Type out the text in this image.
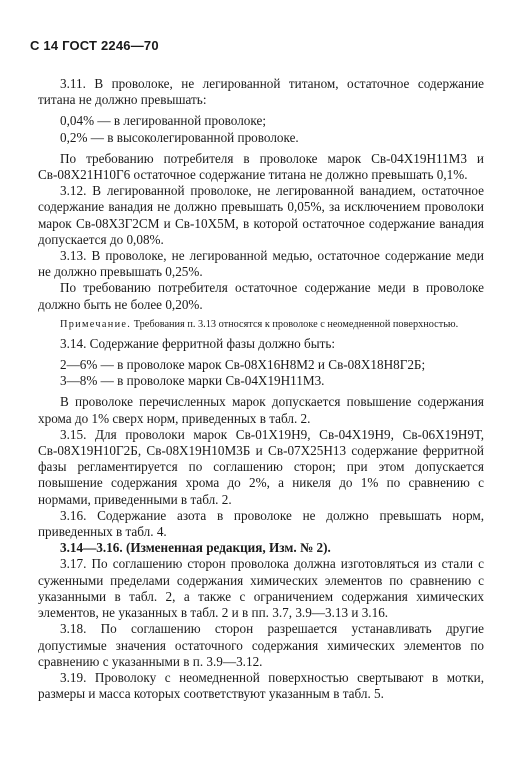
С 14 ГОСТ 2246—70

3.11. В проволоке, не легированной титаном, остаточное содержание титана не должно превышать:

0,04% — в легированной проволоке;

0,2% — в высоколегированной проволоке.

По требованию потребителя в проволоке марок Св-04Х19Н11М3 и Св-08Х21Н10Г6 остаточное содержание титана не должно превышать 0,1%.

3.12. В легированной проволоке, не легированной ванадием, остаточное содержание ванадия не должно превышать 0,05%, за исключением проволоки марок Св-08Х3Г2СМ и Св-10Х5М, в которой остаточное содержание ванадия допускается до 0,08%.

3.13. В проволоке, не легированной медью, остаточное содержание меди не должно превышать 0,25%.

По требованию потребителя остаточное содержание меди в проволоке должно быть не более 0,20%.

Примечание. Требования п. 3.13 относятся к проволоке с неомедненной поверхностью.

3.14. Содержание ферритной фазы должно быть:

2—6% — в проволоке марок Св-08Х16Н8М2 и Св-08Х18Н8Г2Б;

3—8% — в проволоке марки Св-04Х19Н11М3.

В проволоке перечисленных марок допускается повышение содержания хрома до 1% сверх норм, приведенных в табл. 2.

3.15. Для проволоки марок Св-01Х19Н9, Св-04Х19Н9, Св-06Х19Н9Т, Св-08Х19Н10Г2Б, Св-08Х19Н10М3Б и Св-07Х25Н13 содержание ферритной фазы регламентируется по соглашению сторон; при этом допускается повышение содержания хрома до 2%, а никеля до 1% по сравнению с нормами, приведенными в табл. 2.

3.16. Содержание азота в проволоке не должно превышать норм, приведенных в табл. 4.

3.14—3.16. (Измененная редакция, Изм. № 2).

3.17. По соглашению сторон проволока должна изготовляться из стали с суженными пределами содержания химических элементов по сравнению с указанными в табл. 2, а также с ограничением содержания химических элементов, не указанных в табл. 2 и в пп. 3.7, 3.9—3.13 и 3.16.

3.18. По соглашению сторон разрешается устанавливать другие допустимые значения остаточного содержания химических элементов по сравнению с указанными в п. 3.9—3.12.

3.19. Проволоку с неомедненной поверхностью свертывают в мотки, размеры и масса которых соответствуют указанным в табл. 5.
